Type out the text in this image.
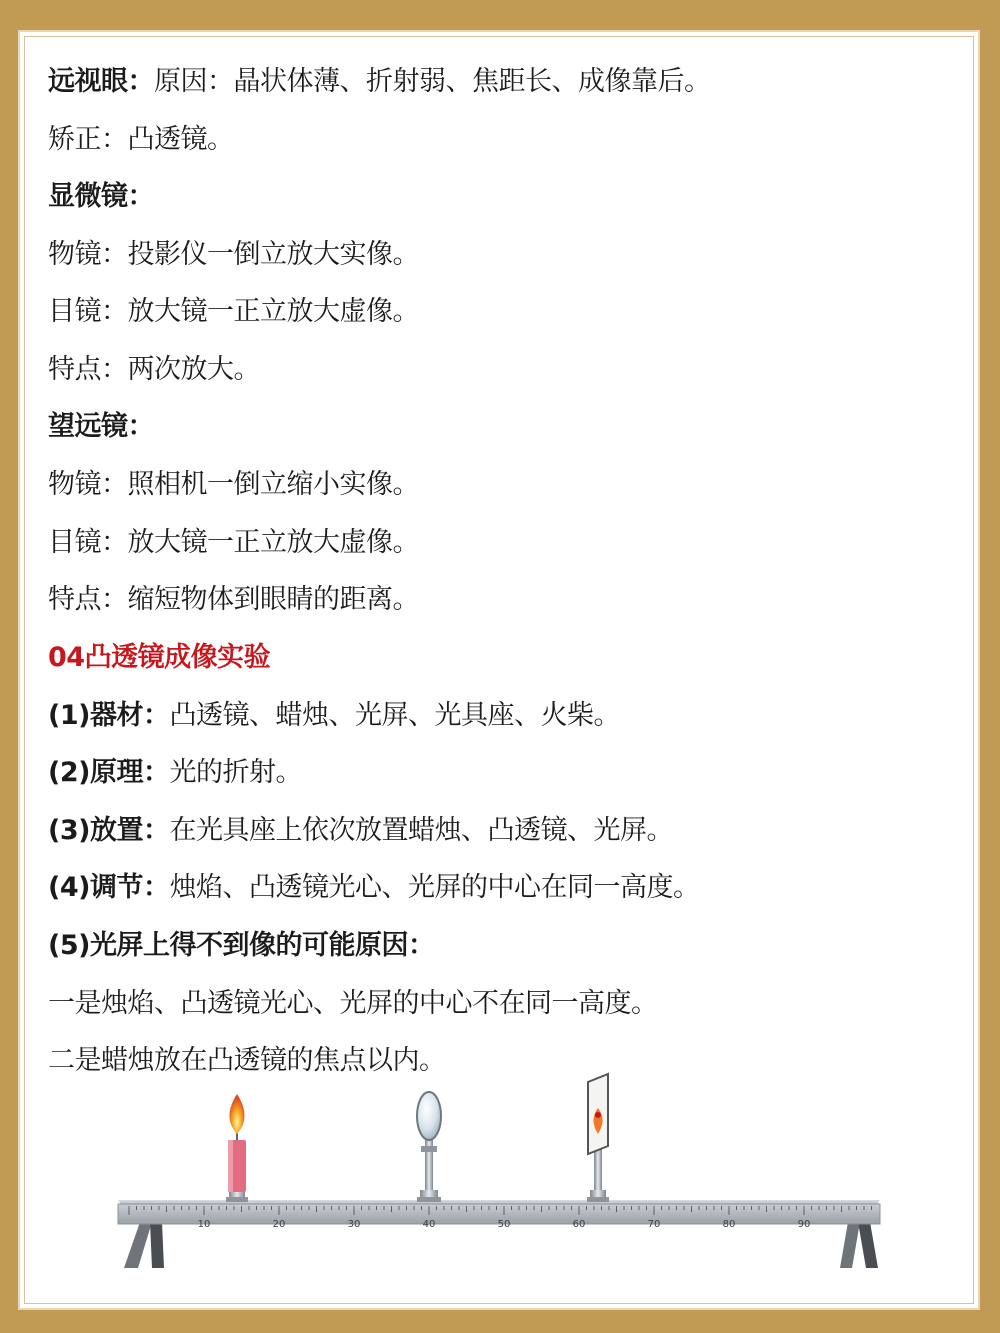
远视眼：原因：晶状体薄、折射弱、焦距长、成像靠后。
矫正：凸透镜。
显微镜：
物镜：投影仪一倒立放大实像。
目镜：放大镜一正立放大虚像。
特点：两次放大。
望远镜：
物镜：照相机一倒立缩小实像。
目镜：放大镜一正立放大虚像。
特点：缩短物体到眼睛的距离。
04凸透镜成像实验
(1)器材：凸透镜、蜡烛、光屏、光具座、火柴。
(2)原理：光的折射。
(3)放置：在光具座上依次放置蜡烛、凸透镜、光屏。
(4)调节：烛焰、凸透镜光心、光屏的中心在同一高度。
(5)光屏上得不到像的可能原因：
一是烛焰、凸透镜光心、光屏的中心不在同一高度。
二是蜡烛放在凸透镜的焦点以内。
10	20	30	40	50	60	70	80	90
